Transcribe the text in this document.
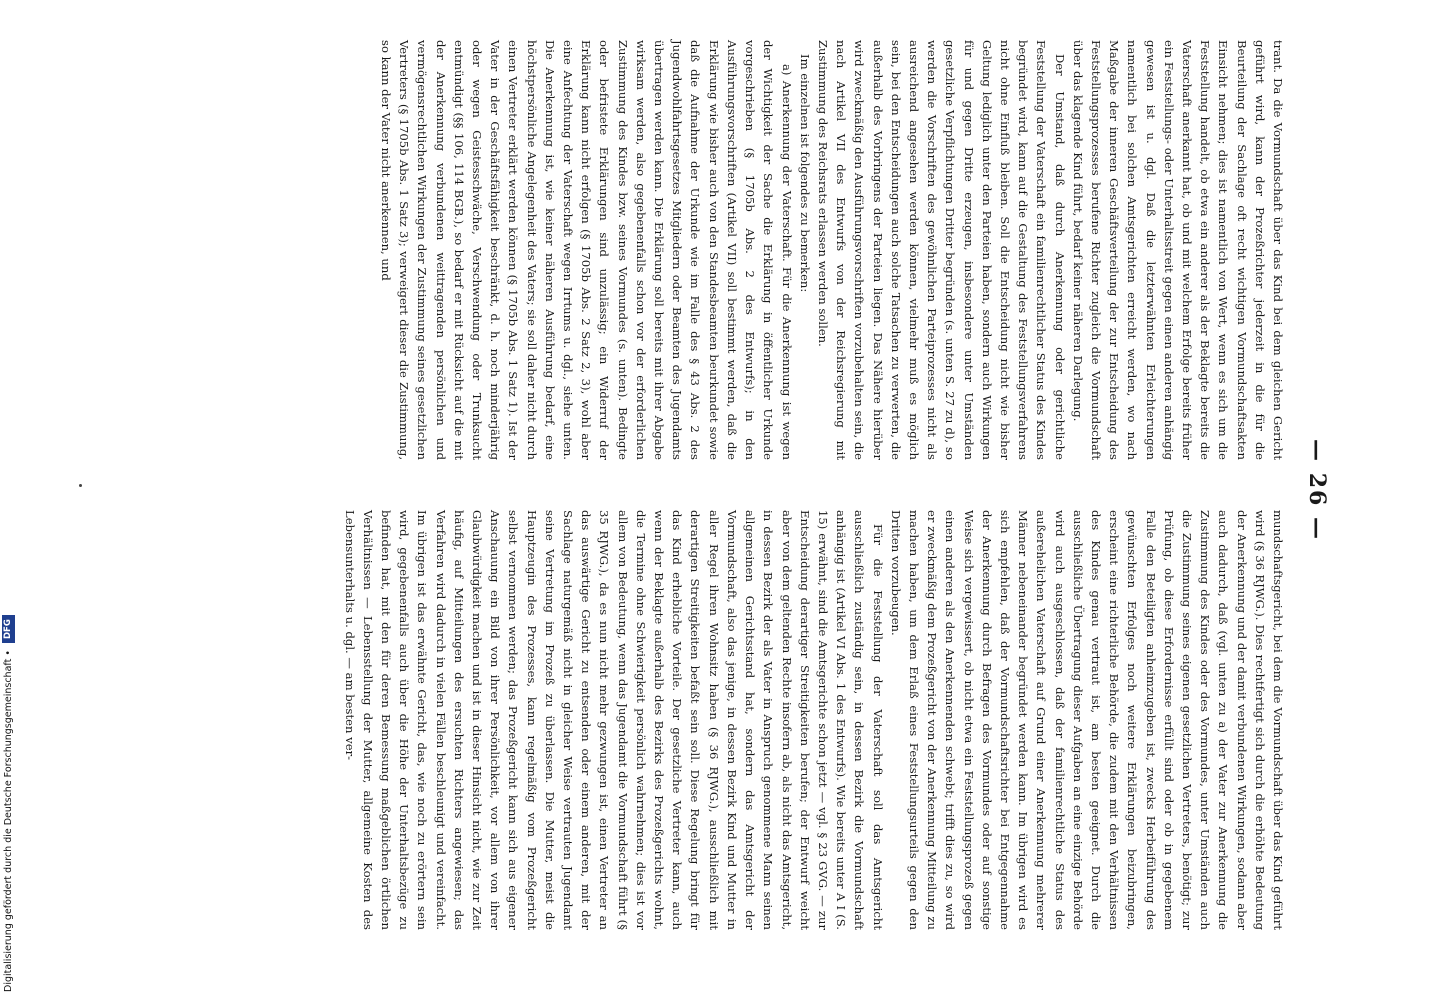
— 26 —

trant. Da die Vormundschaft über das Kind bei dem gleichen Gericht geführt wird, kann der Prozeßrichter jederzeit in die für die Beurteilung der Sachlage oft recht wichtigen Vormundschaftsakten Einsicht nehmen; dies ist namentlich von Wert, wenn es sich um die Feststellung handelt, ob etwa ein anderer als der Beklagte bereits die Vaterschaft anerkannt hat, ob und mit welchem Erfolge bereits früher ein Feststellungs- oder Unterhaltsstreit gegen einen anderen anhängig gewesen ist u. dgl. Daß die letzterwähnten Erleichterungen namentlich bei solchen Amtsgerichten erreicht werden, wo nach Maßgabe der inneren Geschäftsverteilung der zur Entscheidung des Feststellungsprozesses berufene Richter zugleich die Vormundschaft über das klagende Kind führt, bedarf keiner näheren Darlegung.

Der Umstand, daß durch Anerkennung oder gerichtliche Feststellung der Vaterschaft ein familienrechtlicher Status des Kindes begründet wird, kann auf die Gestaltung des Feststellungsverfahrens nicht ohne Einfluß bleiben. Soll die Entscheidung nicht wie bisher Geltung lediglich unter den Parteien haben, sondern auch Wirkungen für und gegen Dritte erzeugen, insbesondere unter Umständen gesetzliche Verpflichtungen Dritter begründen (s. unten S. 27 zu d), so werden die Vorschriften des gewöhnlichen Parteiprozesses nicht als ausreichend angesehen werden können, vielmehr muß es möglich sein, bei den Entscheidungen auch solche Tatsachen zu verwerten, die außerhalb des Vorbringens der Parteien liegen. Das Nähere hierüber wird zweckmäßig den Ausführungsvorschriften vorzubehalten sein, die nach Artikel VII des Entwurfs von der Reichsregierung mit Zustimmung des Reichsrats erlassen werden sollen.

Im einzelnen ist folgendes zu bemerken:

a) Anerkennung der Vaterschaft. Für die Anerkennung ist wegen der Wichtigkeit der Sache die Erklärung in öffentlicher Urkunde vorgeschrieben (§ 1705b Abs. 2 des Entwurfs); in den Ausführungsvorschriften (Artikel VII) soll bestimmt werden, daß die Erklärung wie bisher auch von den Standesbeamten beurkundet sowie daß die Aufnahme der Urkunde wie im Falle des § 43 Abs. 2 des Jugendwohlfahrtsgesetzes Mitgliedern oder Beamten des Jugendamts übertragen werden kann. Die Erklärung soll bereits mit ihrer Abgabe wirksam werden, also gegebenenfalls schon vor der erforderlichen Zustimmung des Kindes bzw. seines Vormundes (s. unten). Bedingte oder befristete Erklärungen sind unzulässig; ein Widerruf der Erklärung kann nicht erfolgen (§ 1705b Abs. 2 Satz 2, 3), wohl aber eine Anfechtung der Vaterschaft wegen Irrtums u. dgl., siehe unten. Die Anerkennung ist, wie keiner näheren Ausführung bedarf, eine höchstpersönliche Angelegenheit des Vaters; sie soll daher nicht durch einen Vertreter erklärt werden können (§ 1705b Abs. 1 Satz 1). Ist der Vater in der Geschäftsfähigkeit beschränkt, d. h. noch minderjährig oder wegen Geistesschwäche, Verschwendung oder Trunksucht entmündigt (§§ 106, 114 BGB.), so bedarf er mit Rücksicht auf die mit der Anerkennung verbundenen weittragenden persönlichen und vermögensrechtlichen Wirkungen der Zustimmung seines gesetzlichen Vertreters (§ 1705b Abs. 1 Satz 3); verweigert dieser die Zustimmung, so kann der Vater nicht anerkennen, und

mundschaftsgericht, bei dem die Vormundschaft über das Kind geführt wird (§ 36 RJWG.). Dies rechtfertigt sich durch die erhöhte Bedeutung der Anerkennung und der damit verbundenen Wirkungen, sodann aber auch dadurch, daß (vgl. unten zu a) der Vater zur Anerkennung die Zustimmung des Kindes oder des Vormundes, unter Umständen auch die Zustimmung seines eigenen gesetzlichen Vertreters, benötigt; zur Prüfung, ob diese Erfordernisse erfüllt sind oder ob in gegebenem Falle den Beteiligten anheimzugeben ist, zwecks Herbeiführung des gewünschten Erfolges noch weitere Erklärungen beizubringen, erscheint eine richterliche Behörde, die zudem mit den Verhältnissen des Kindes genau vertraut ist, am besten geeignet. Durch die ausschließliche Übertragung dieser Aufgaben an eine einzige Behörde wird auch ausgeschlossen, daß der familienrechtliche Status des außerehelichen Vaterschaft auf Grund einer Anerkennung mehrerer Männer nebeneinander begründet werden kann. Im übrigen wird es sich empfehlen, daß der Vormundschaftsrichter bei Entgegennahme der Anerkennung durch Befragen des Vormundes oder auf sonstige Weise sich vergewissert, ob nicht etwa ein Feststellungsprozeß gegen einen anderen als den Anerkennenden schwebt; trifft dies zu, so wird er zweckmäßig dem Prozeßgericht von der Anerkennung Mitteilung zu machen haben, um dem Erlaß eines Feststellungsurteils gegen den Dritten vorzubeugen.

Für die Feststellung der Vaterschaft soll das Amtsgericht ausschließlich zuständig sein, in dessen Bezirk die Vormundschaft anhängig ist (Artikel VI Abs. 1 des Entwurfs). Wie bereits unter A I (S. 15) erwähnt, sind die Amtsgerichte schon jetzt — vgl. § 23 GVG. — zur Entscheidung derartiger Streitigkeiten berufen; der Entwurf weicht aber von dem geltenden Rechte insofern ab, als nicht das Amtsgericht, in dessen Bezirk der als Vater in Anspruch genommene Mann seinen allgemeinen Gerichtsstand hat, sondern das Amtsgericht der Vormundschaft, also das jenige, in dessen Bezirk Kind und Mutter in aller Regel ihren Wohnsitz haben (§ 36 RJWG.), ausschließlich mit derartigen Streitigkeiten befaßt sein soll. Diese Regelung bringt für das Kind erhebliche Vorteile. Der gesetzliche Vertreter kann, auch wenn der Beklagte außerhalb des Bezirks des Prozeßgerichts wohnt, die Termine ohne Schwierigkeit persönlich wahrnehmen; dies ist vor allem von Bedeutung, wenn das Jugendamt die Vormundschaft führt (§ 35 RJWG.), da es nun nicht mehr gezwungen ist, einen Vertreter an das auswärtige Gericht zu entsenden oder einem anderen, mit der Sachlage naturgemäß nicht in gleicher Weise vertrauten Jugendamt seine Vertretung im Prozeß zu überlassen. Die Mutter, meist die Hauptzeugin des Prozesses, kann regelmäßig vom Prozeßgericht selbst vernommen werden; das Prozeßgericht kann sich aus eigener Anschauung ein Bild von ihrer Persönlichkeit, vor allem von ihrer Glaubwürdigkeit machen und ist in dieser Hinsicht nicht, wie zur Zeit häufig, auf Mitteilungen des ersuchten Richters angewiesen; das Verfahren wird dadurch in vielen Fällen beschleunigt und vereinfacht. Im übrigen ist das erwähnte Gericht, das, wie noch zu erörtern sein wird, gegebenenfalls auch über die Höhe der Unterhaltsbezüge zu befinden hat, mit den für deren Bemessung maßgeblichen örtlichen Verhältnissen — Lebensstellung der Mutter, allgemeine Kosten des Lebensunterhalts u. dgl. — am besten ver-

Digitalisierung gefördert durch die Deutsche Forschungsgemeinschaft • DFG
